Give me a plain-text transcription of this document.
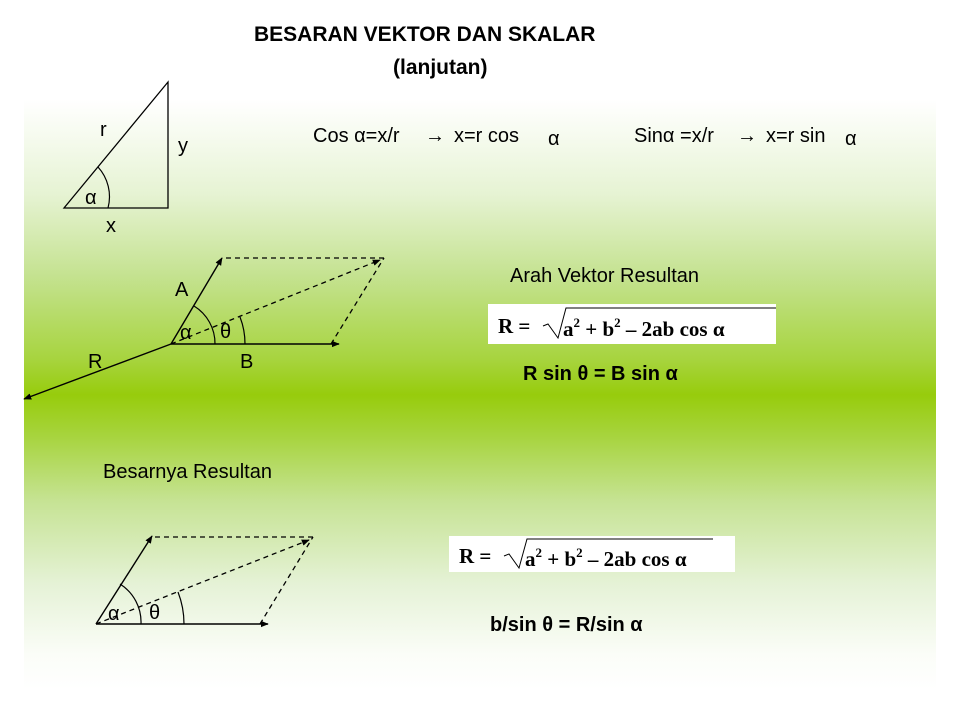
BESARAN VEKTOR DAN SKALAR
(lanjutan)
r
y
α
x
Cos α=x/r → x=r cos α	Sinα =x/r → x=r sin α
A
α θ
R	B
Arah Vektor Resultan
$R = a^2 + b^2 - 2ab$ cos α
R sin θ = B sin α
Besarnya Resultan
$R = a^2 + b^2 - 2ab$ cos α
b/sin θ = R/sin α
α θ
